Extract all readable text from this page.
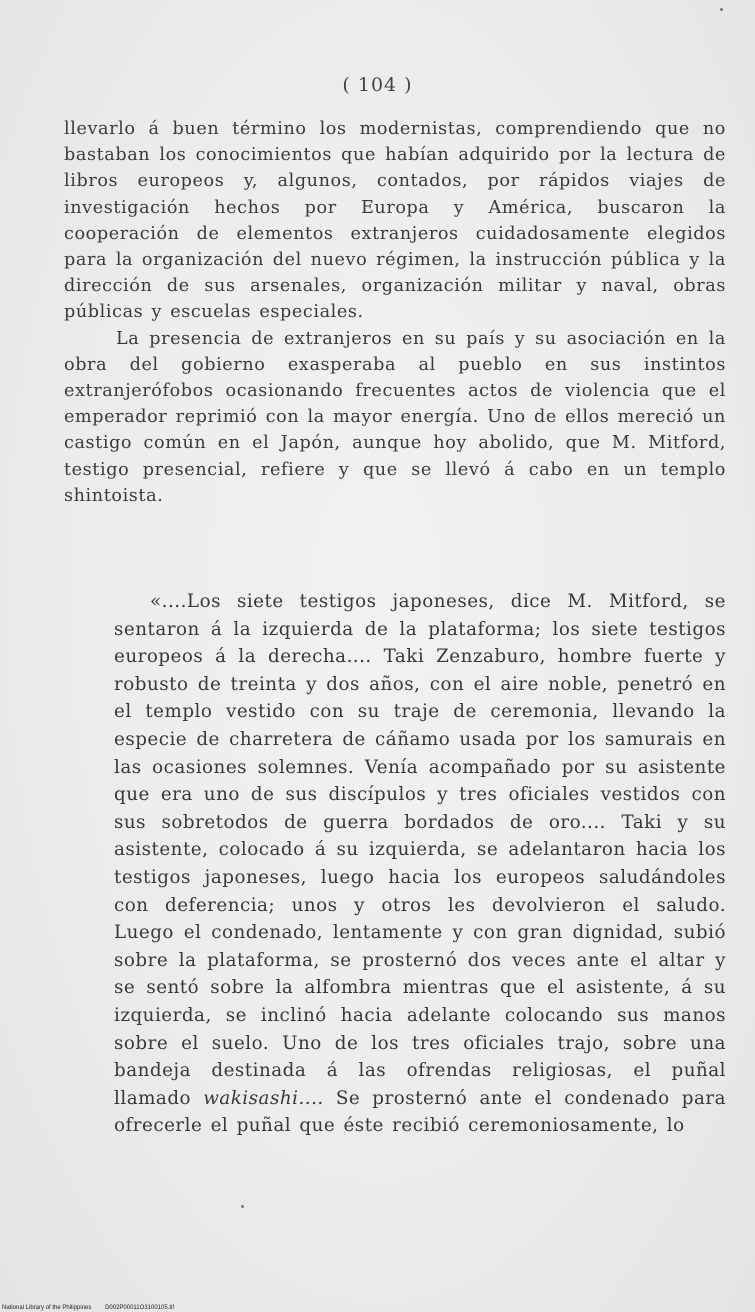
( 104 )

llevarlo á buen término los modernistas, comprendiendo que no bastaban los conocimientos que habían adquirido por la lectura de libros europeos y, algunos, contados, por rápidos viajes de investigación hechos por Europa y América, buscaron la cooperación de elementos extranjeros cuidadosamente elegidos para la organización del nuevo régimen, la instrucción pública y la dirección de sus arsenales, organización militar y naval, obras públicas y escuelas especiales.

La presencia de extranjeros en su país y su asociación en la obra del gobierno exasperaba al pueblo en sus instintos extranjerófobos ocasionando frecuentes actos de violencia que el emperador reprimió con la mayor energía. Uno de ellos mereció un castigo común en el Japón, aunque hoy abolido, que M. Mitford, testigo presencial, refiere y que se llevó á cabo en un templo shintoista.

«....Los siete testigos japoneses, dice M. Mitford, se sentaron á la izquierda de la plataforma; los siete testigos europeos á la derecha.... Taki Zenzaburo, hombre fuerte y robusto de treinta y dos años, con el aire noble, penetró en el templo vestido con su traje de ceremonia, llevando la especie de charretera de cáñamo usada por los samurais en las ocasiones solemnes. Venía acompañado por su asistente que era uno de sus discípulos y tres oficiales vestidos con sus sobretodos de guerra bordados de oro.... Taki y su asistente, colocado á su izquierda, se adelantaron hacia los testigos japoneses, luego hacia los europeos saludándoles con deferencia; unos y otros les devolvieron el saludo. Luego el condenado, lentamente y con gran dignidad, subió sobre la plataforma, se prosternó dos veces ante el altar y se sentó sobre la alfombra mientras que el asistente, á su izquierda, se inclinó hacia adelante colocando sus manos sobre el suelo. Uno de los tres oficiales trajo, sobre una bandeja destinada á las ofrendas religiosas, el puñal llamado wakisashi.... Se prosternó ante el condenado para ofrecerle el puñal que éste recibió ceremoniosamente, lo

National Library of the Philippines D002P00011O3100105.tif
